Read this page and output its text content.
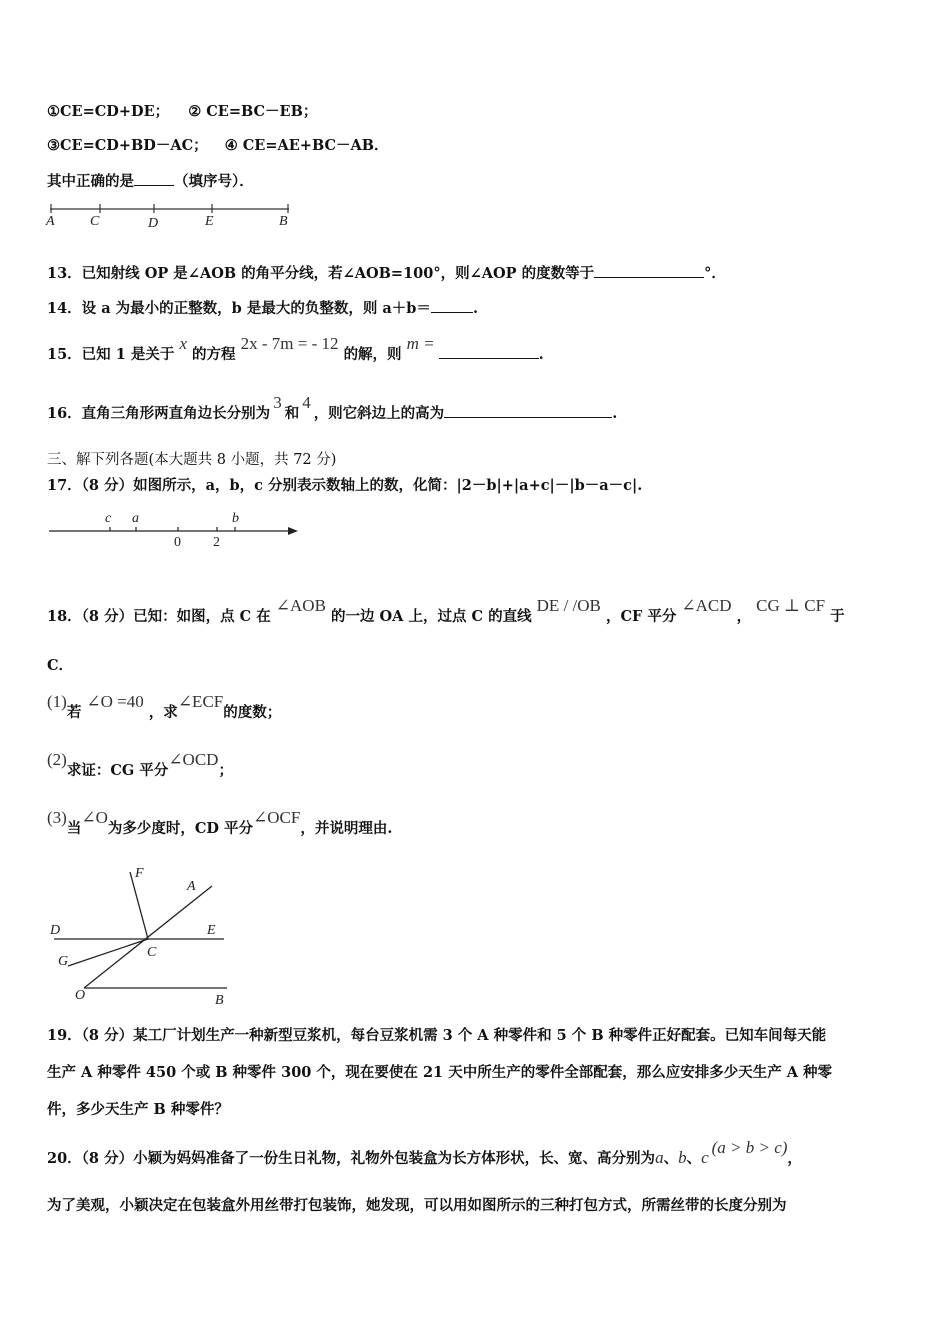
①CE=CD+DE； ② CE=BC－EB；
③CE=CD+BD－AC； ④ CE=AE+BC－AB．
其中正确的是	（填序号）．
A	C	D	E	B
13．已知射线 OP 是∠AOB 的角平分线，若∠AOB=100°，则∠AOP 的度数等于	°．
14．设 a 为最小的正整数，b 是最大的负整数，则 a＋b＝	.
15．已知 1 是关于 x 的方程 2x - 7m = - 12 的解，则 m =.
16．直角三角形两直角边长分别为3和4，则它斜边上的高为	.
三、解下列各题(本大题共 8 小题，共 72 分)
17．（8 分）如图所示，a，b，c 分别表示数轴上的数，化简：|2－b|+|a+c|－|b－a－c|.
c a	b
0 2
18．（8 分）已知：如图，点 C 在 ∠AOB 的一边 OA 上，过点 C 的直线 DE / /OB ，CF 平分 ∠ACD ， CG ⊥ CF 于
C．
(1)若 ∠O =40 ，求∠ECF的度数；
(2)求证：CG 平分∠OCD；
(3)当∠O为多少度时，CD 平分∠OCF，并说明理由.
F
A
D	E
G
C
O	B
19．（8 分）某工厂计划生产一种新型豆浆机，每台豆浆机需 3 个 A 种零件和 5 个 B 种零件正好配套。已知车间每天能
生产 A 种零件 450 个或 B 种零件 300 个，现在要使在 21 天中所生产的零件全部配套，那么应安排多少天生产 A 种零
件，多少天生产 B 种零件？
20．（8 分）小颖为妈妈准备了一份生日礼物，礼物外包装盒为长方体形状，长、宽、高分别为a、b、c(a > b > c)，
为了美观，小颖决定在包装盒外用丝带打包装饰，她发现，可以用如图所示的三种打包方式，所需丝带的长度分别为
